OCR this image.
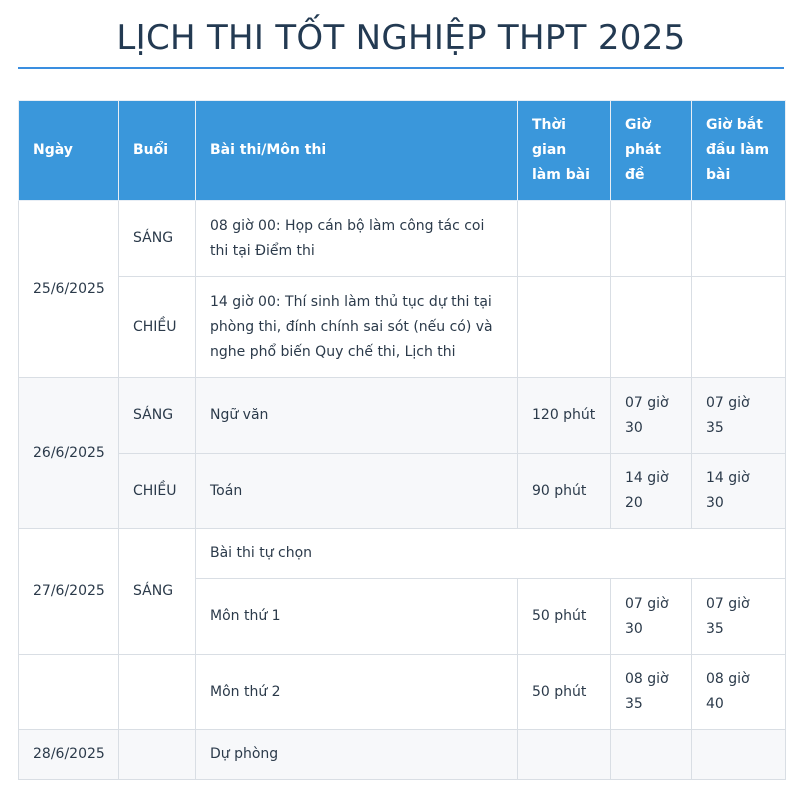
LỊCH THI TỐT NGHIỆP THPT 2025
Ngày	Buổi	Bài thi/Môn thi	Thời gian làm bài	Giờ phát đề	Giờ bắt đầu làm bài
25/6/2025	SÁNG	08 giờ 00: Họp cán bộ làm công tác coi thi tại Điểm thi			
	CHIỀU	14 giờ 00: Thí sinh làm thủ tục dự thi tại phòng thi, đính chính sai sót (nếu có) và nghe phổ biến Quy chế thi, Lịch thi			
26/6/2025	SÁNG	Ngữ văn	120 phút	07 giờ 30	07 giờ 35
	CHIỀU	Toán	90 phút	14 giờ 20	14 giờ 30
27/6/2025	SÁNG	Bài thi tự chọn			
		Môn thứ 1	50 phút	07 giờ 30	07 giờ 35
		Môn thứ 2	50 phút	08 giờ 35	08 giờ 40
28/6/2025		Dự phòng			
